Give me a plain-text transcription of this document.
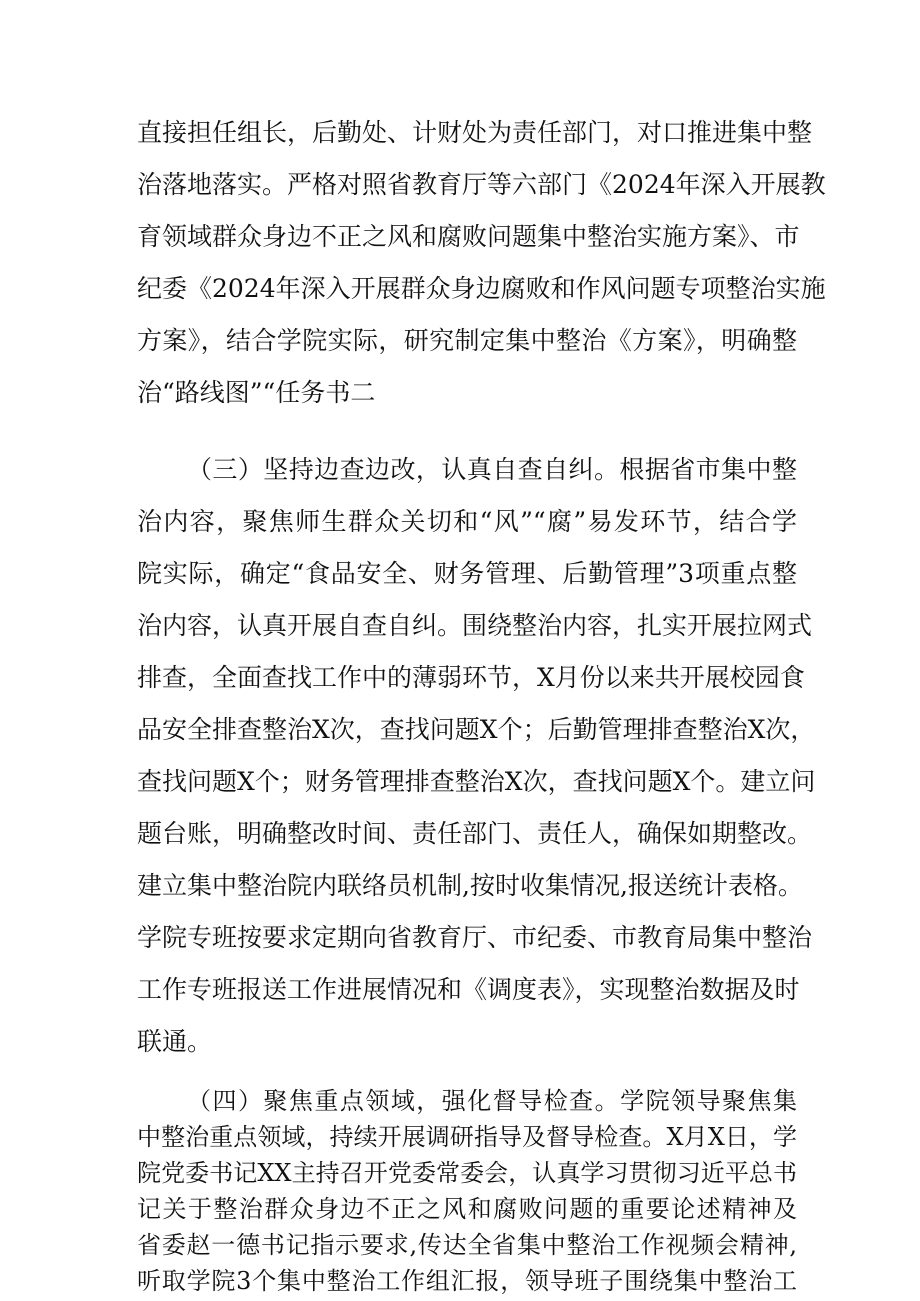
直接担任组长，后勤处、计财处为责任部门，对口推进集中整
治落地落实。严格对照省教育厅等六部门《2024年深入开展教
育领域群众身边不正之风和腐败问题集中整治实施方案》、市
纪委《2024年深入开展群众身边腐败和作风问题专项整治实施
方案》，结合学院实际，研究制定集中整治《方案》，明确整
治“路线图”“任务书二
（三）坚持边查边改，认真自查自纠。根据省市集中整
治内容，聚焦师生群众关切和“风”“腐”易发环节，结合学
院实际，确定“食品安全、财务管理、后勤管理”3项重点整
治内容，认真开展自查自纠。围绕整治内容，扎实开展拉网式
排查，全面查找工作中的薄弱环节，X月份以来共开展校园食
品安全排查整治X次，查找问题X个；后勤管理排查整治X次，
查找问题X个；财务管理排查整治X次，查找问题X个。建立问
题台账，明确整改时间、责任部门、责任人，确保如期整改。
建立集中整治院内联络员机制,按时收集情况,报送统计表格。
学院专班按要求定期向省教育厅、市纪委、市教育局集中整治
工作专班报送工作进展情况和《调度表》，实现整治数据及时
联通。
（四）聚焦重点领域，强化督导检查。学院领导聚焦集
中整治重点领域，持续开展调研指导及督导检查。X月X日，学
院党委书记XX主持召开党委常委会，认真学习贯彻习近平总书
记关于整治群众身边不正之风和腐败问题的重要论述精神及
省委赵一德书记指示要求,传达全省集中整治工作视频会精神,
听取学院3个集中整治工作组汇报，领导班子围绕集中整治工
